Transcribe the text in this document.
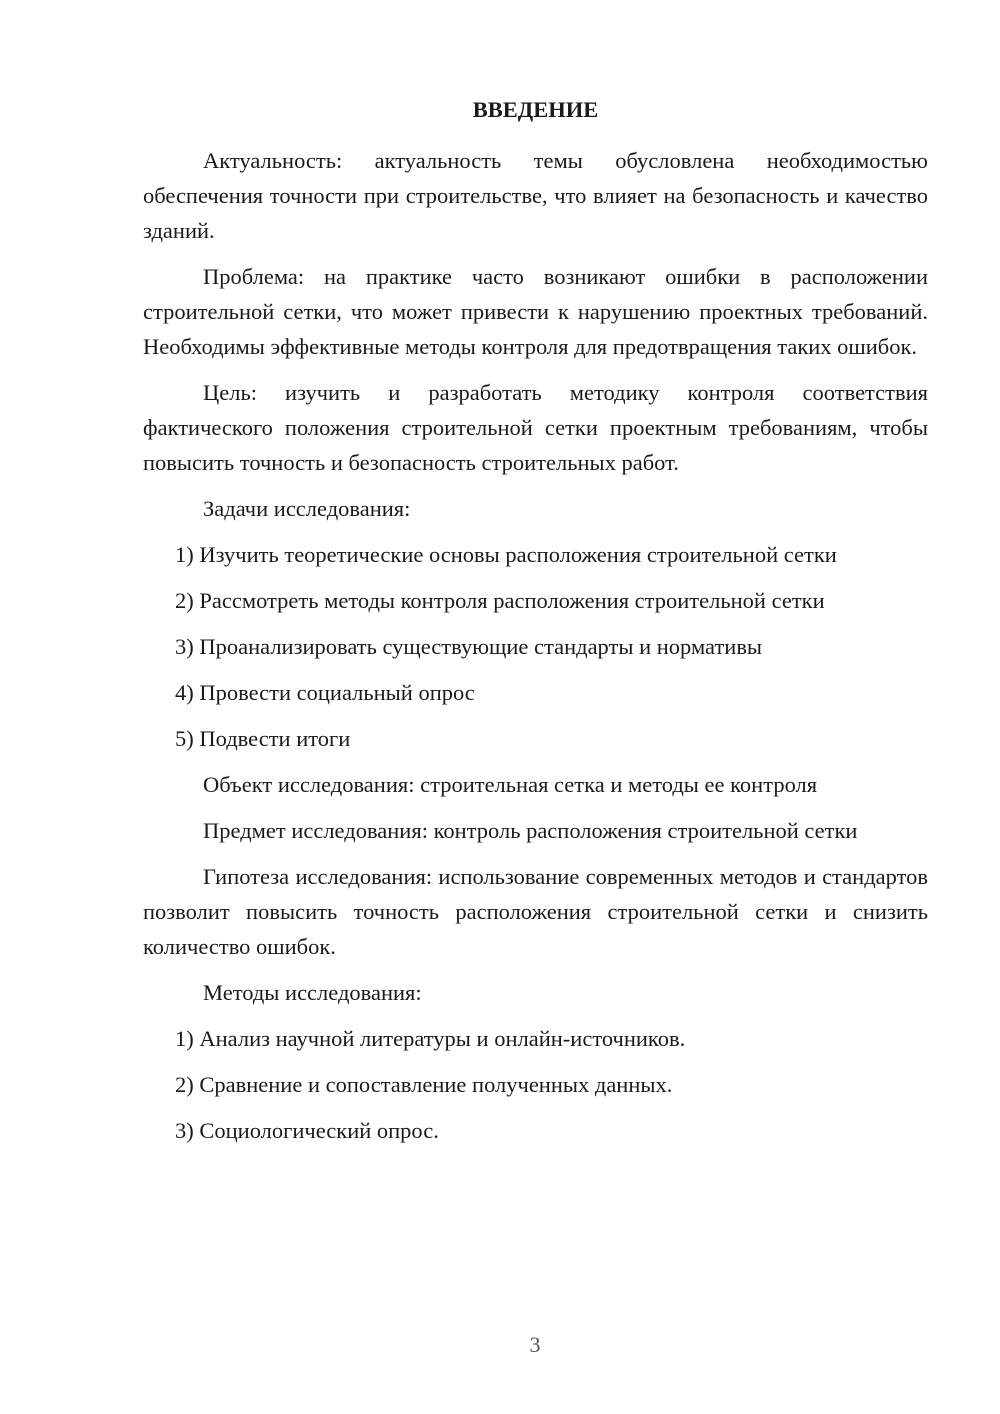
ВВЕДЕНИЕ

Актуальность: актуальность темы обусловлена необходимостью обеспечения точности при строительстве, что влияет на безопасность и качество зданий.

Проблема: на практике часто возникают ошибки в расположении строительной сетки, что может привести к нарушению проектных требований. Необходимы эффективные методы контроля для предотвращения таких ошибок.

Цель: изучить и разработать методику контроля соответствия фактического положения строительной сетки проектным требованиям, чтобы повысить точность и безопасность строительных работ.

Задачи исследования:
1) Изучить теоретические основы расположения строительной сетки
2) Рассмотреть методы контроля расположения строительной сетки
3) Проанализировать существующие стандарты и нормативы
4) Провести социальный опрос
5) Подвести итоги
Объект исследования: строительная сетка и методы ее контроля
Предмет исследования: контроль расположения строительной сетки

Гипотеза исследования: использование современных методов и стандартов позволит повысить точность расположения строительной сетки и снизить количество ошибок.

Методы исследования:
1) Анализ научной литературы и онлайн-источников.
2) Сравнение и сопоставление полученных данных.
3) Социологический опрос.
3
